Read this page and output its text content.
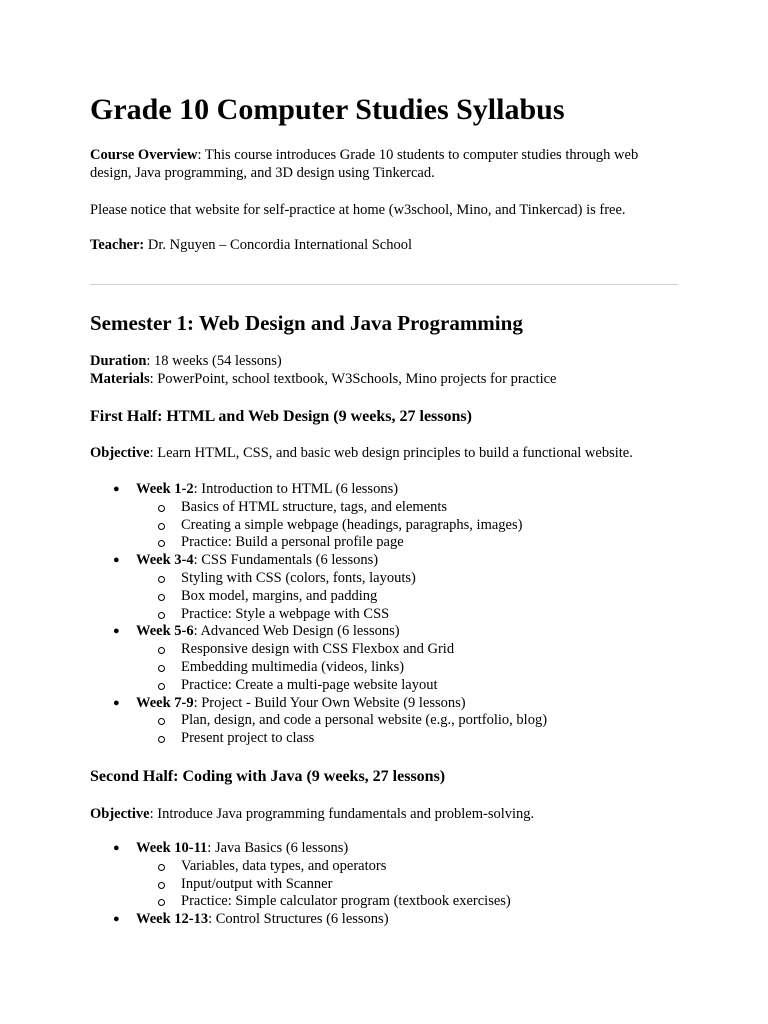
Grade 10 Computer Studies Syllabus

Course Overview: This course introduces Grade 10 students to computer studies through web design, Java programming, and 3D design using Tinkercad.

Please notice that website for self-practice at home (w3school, Mino, and Tinkercad) is free.

Teacher: Dr. Nguyen – Concordia International School

Semester 1: Web Design and Java Programming

Duration: 18 weeks (54 lessons)

Materials: PowerPoint, school textbook, W3Schools, Mino projects for practice

First Half: HTML and Web Design (9 weeks, 27 lessons)

Objective: Learn HTML, CSS, and basic web design principles to build a functional website.

● Week 1-2: Introduction to HTML (6 lessons)
Basics of HTML structure, tags, and elements
Creating a simple webpage (headings, paragraphs, images)
Practice: Build a personal profile page
● Week 3-4: CSS Fundamentals (6 lessons)
Styling with CSS (colors, fonts, layouts)
Box model, margins, and padding
Practice: Style a webpage with CSS
● Week 5-6: Advanced Web Design (6 lessons)
Responsive design with CSS Flexbox and Grid
Embedding multimedia (videos, links)
Practice: Create a multi-page website layout
● Week 7-9: Project - Build Your Own Website (9 lessons)
Plan, design, and code a personal website (e.g., portfolio, blog)
Present project to class
Second Half: Coding with Java (9 weeks, 27 lessons)

Objective: Introduce Java programming fundamentals and problem-solving.

● Week 10-11: Java Basics (6 lessons)
Variables, data types, and operators
Input/output with Scanner
Practice: Simple calculator program (textbook exercises)
● Week 12-13: Control Structures (6 lessons)
